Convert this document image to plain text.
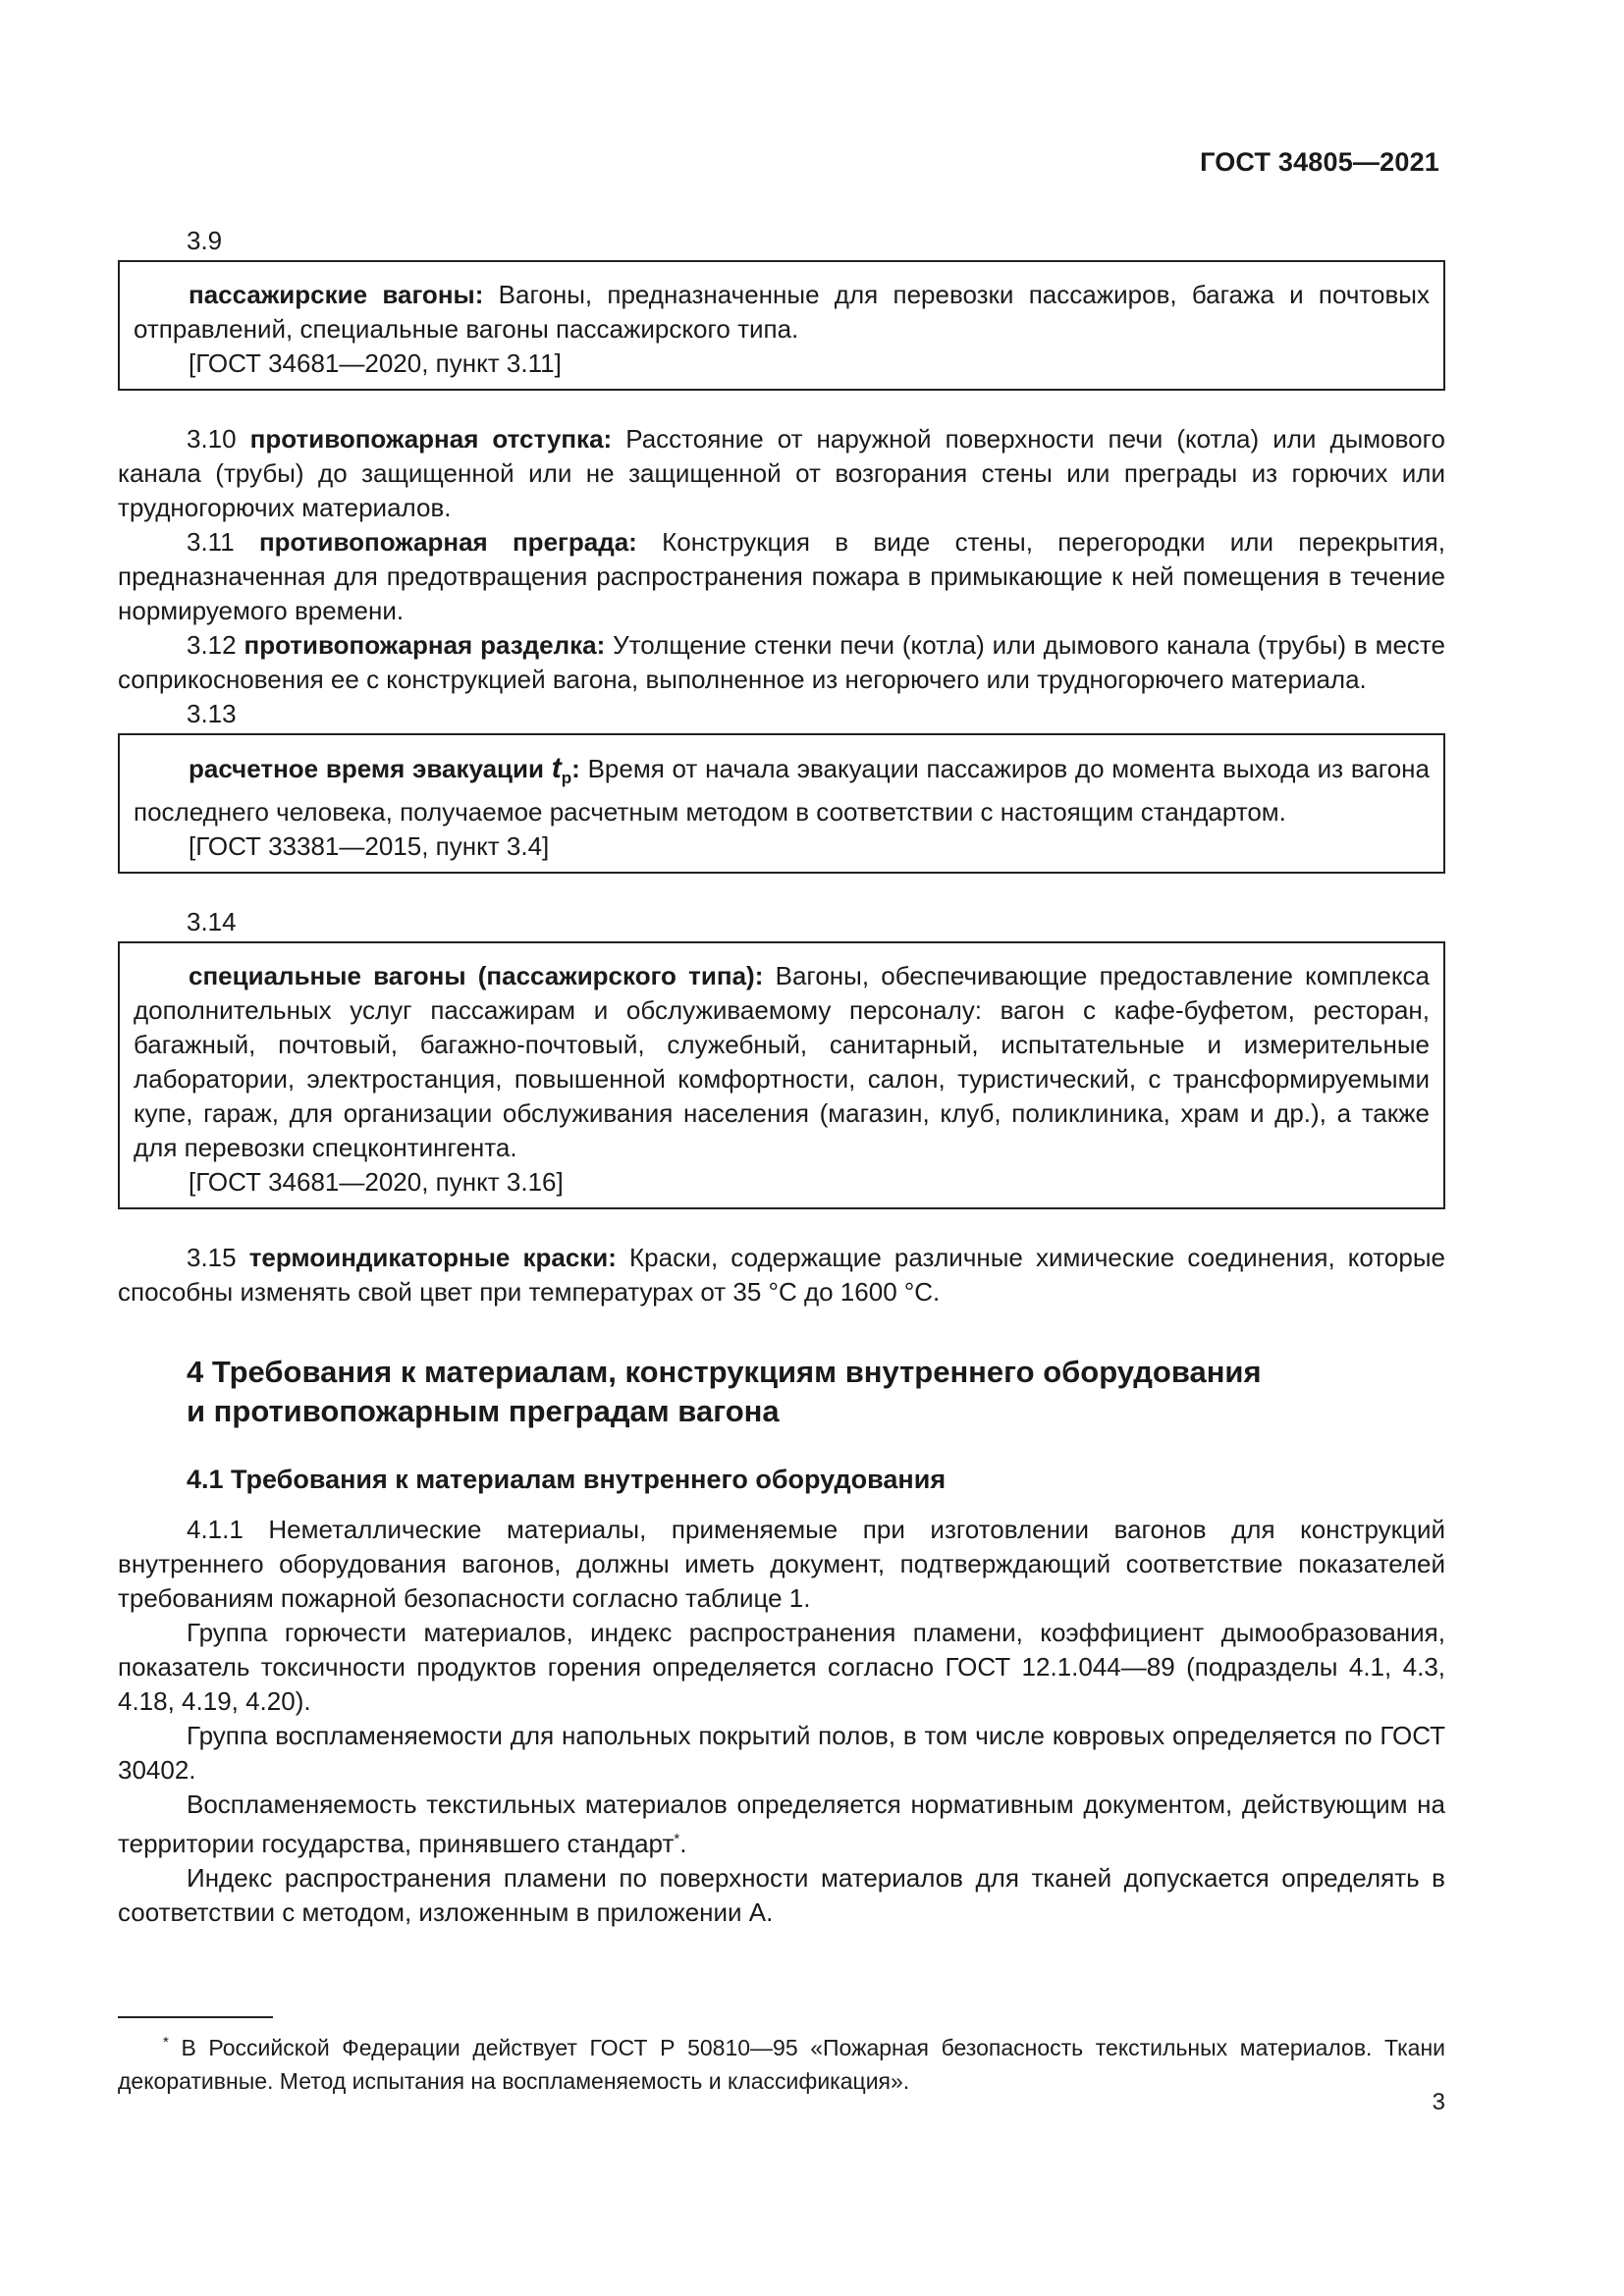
ГОСТ 34805—2021

3.9

пассажирские вагоны: Вагоны, предназначенные для перевозки пассажиров, багажа и почтовых отправлений, специальные вагоны пассажирского типа.

[ГОСТ 34681—2020, пункт 3.11]

3.10 противопожарная отступка: Расстояние от наружной поверхности печи (котла) или дымового канала (трубы) до защищенной или не защищенной от возгорания стены или преграды из горючих или трудногорючих материалов.

3.11 противопожарная преграда: Конструкция в виде стены, перегородки или перекрытия, предназначенная для предотвращения распространения пожара в примыкающие к ней помещения в течение нормируемого времени.

3.12 противопожарная разделка: Утолщение стенки печи (котла) или дымового канала (трубы) в месте соприкосновения ее с конструкцией вагона, выполненное из негорючего или трудногорючего материала.

3.13

расчетное время эвакуации $t_р$: Время от начала эвакуации пассажиров до момента выхода из вагона последнего человека, получаемое расчетным методом в соответствии с настоящим стандартом.

[ГОСТ 33381—2015, пункт 3.4]

3.14

специальные вагоны (пассажирского типа): Вагоны, обеспечивающие предоставление комплекса дополнительных услуг пассажирам и обслуживаемому персоналу: вагон с кафе-буфетом, ресторан, багажный, почтовый, багажно-почтовый, служебный, санитарный, испытательные и измерительные лаборатории, электростанция, повышенной комфортности, салон, туристический, с трансформируемыми купе, гараж, для организации обслуживания населения (магазин, клуб, поликлиника, храм и др.), а также для перевозки спецконтингента.

[ГОСТ 34681—2020, пункт 3.16]

3.15 термоиндикаторные краски: Краски, содержащие различные химические соединения, которые способны изменять свой цвет при температурах от 35 °C до 1600 °C.

4 Требования к материалам, конструкциям внутреннего оборудования
и противопожарным преградам вагона
4.1 Требования к материалам внутреннего оборудования

4.1.1 Неметаллические материалы, применяемые при изготовлении вагонов для конструкций внутреннего оборудования вагонов, должны иметь документ, подтверждающий соответствие показателей требованиям пожарной безопасности согласно таблице 1.

Группа горючести материалов, индекс распространения пламени, коэффициент дымообразования, показатель токсичности продуктов горения определяется согласно ГОСТ 12.1.044—89 (подразделы 4.1, 4.3, 4.18, 4.19, 4.20).

Группа воспламеняемости для напольных покрытий полов, в том числе ковровых определяется по ГОСТ 30402.

Воспламеняемость текстильных материалов определяется нормативным документом, действующим на территории государства, принявшего стандарт*.

Индекс распространения пламени по поверхности материалов для тканей допускается определять в соответствии с методом, изложенным в приложении А.

* В Российской Федерации действует ГОСТ Р 50810—95 «Пожарная безопасность текстильных материалов. Ткани декоративные. Метод испытания на воспламеняемость и классификация».
3
